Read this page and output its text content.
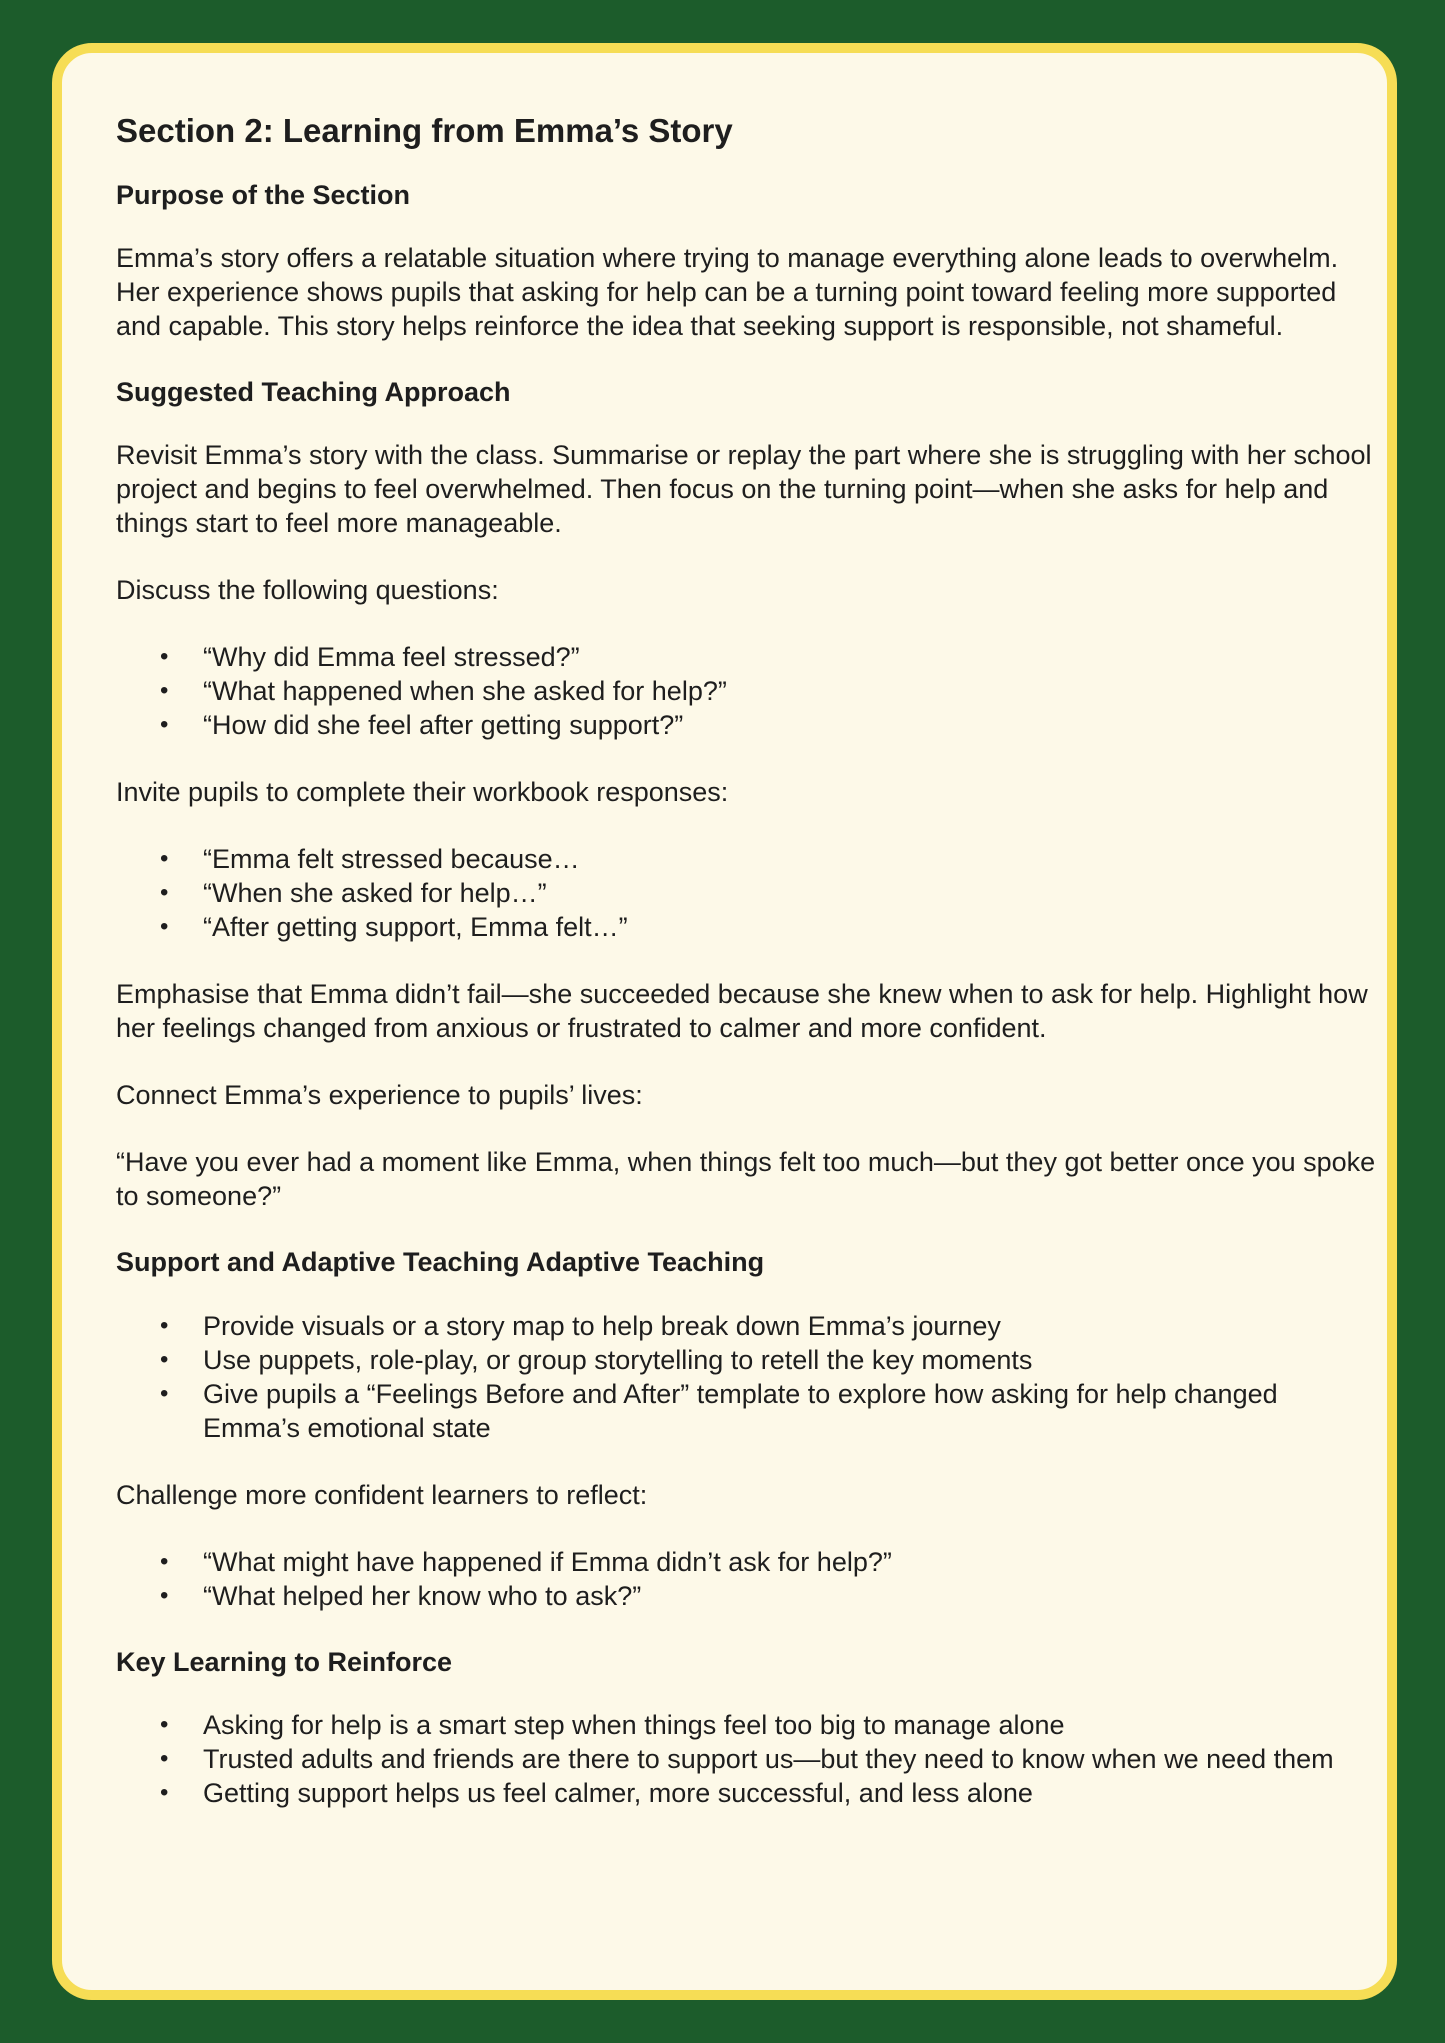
Section 2: Learning from Emma’s Story
Purpose of the Section

Emma’s story offers a relatable situation where trying to manage everything alone leads to overwhelm. Her experience shows pupils that asking for help can be a turning point toward feeling more supported and capable. This story helps reinforce the idea that seeking support is responsible, not shameful.

Suggested Teaching Approach

Revisit Emma’s story with the class. Summarise or replay the part where she is struggling with her school project and begins to feel overwhelmed. Then focus on the turning point—when she asks for help and things start to feel more manageable.

Discuss the following questions:

• “Why did Emma feel stressed?”
• “What happened when she asked for help?”
• “How did she feel after getting support?”

Invite pupils to complete their workbook responses:

• “Emma felt stressed because…
• “When she asked for help…”
• “After getting support, Emma felt…”

Emphasise that Emma didn’t fail—she succeeded because she knew when to ask for help. Highlight how her feelings changed from anxious or frustrated to calmer and more confident.

Connect Emma’s experience to pupils’ lives:

“Have you ever had a moment like Emma, when things felt too much—but they got better once you spoke to someone?”

Support and Adaptive Teaching Adaptive Teaching
• Provide visuals or a story map to help break down Emma’s journey
• Use puppets, role-play, or group storytelling to retell the key moments
• Give pupils a “Feelings Before and After” template to explore how asking for help changed Emma’s emotional state

Challenge more confident learners to reflect:

• “What might have happened if Emma didn’t ask for help?”
• “What helped her know who to ask?”
Key Learning to Reinforce
• Asking for help is a smart step when things feel too big to manage alone
• Trusted adults and friends are there to support us—but they need to know when we need them
• Getting support helps us feel calmer, more successful, and less alone
